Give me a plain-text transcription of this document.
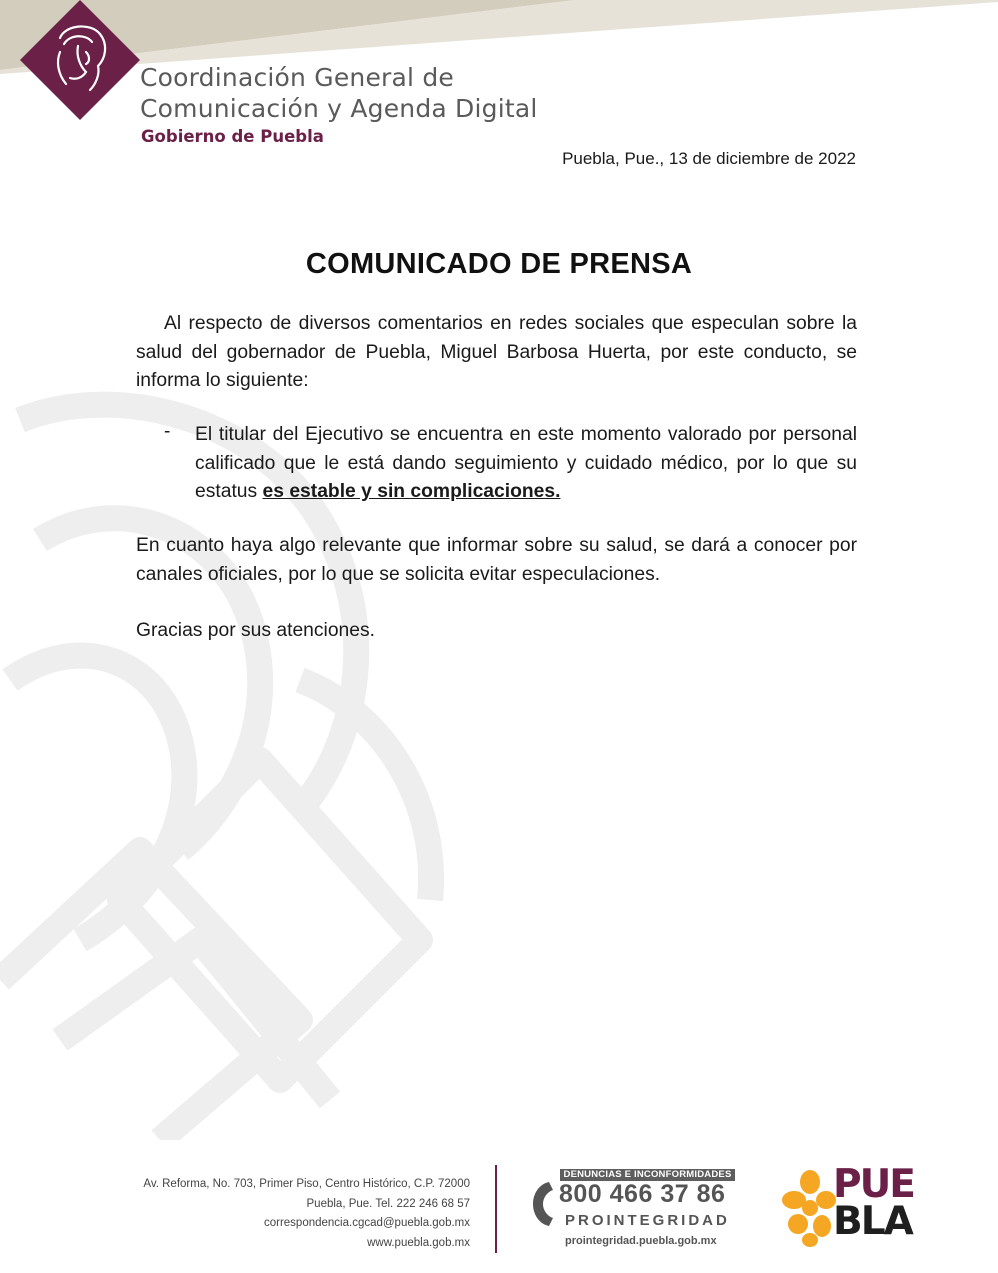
Coordinación General de
Comunicación y Agenda Digital
Gobierno de Puebla
Puebla, Pue., 13 de diciembre de 2022
COMUNICADO DE PRENSA
Al respecto de diversos comentarios en redes sociales que especulan sobre la salud del gobernador de Puebla, Miguel Barbosa Huerta, por este conducto, se informa lo siguiente:
- El titular del Ejecutivo se encuentra en este momento valorado por personal calificado que le está dando seguimiento y cuidado médico, por lo que su estatus es estable y sin complicaciones.
En cuanto haya algo relevante que informar sobre su salud, se dará a conocer por canales oficiales, por lo que se solicita evitar especulaciones.
Gracias por sus atenciones.
Av. Reforma, No. 703, Primer Piso, Centro Histórico, C.P. 72000
Puebla, Pue. Tel. 222 246 68 57
correspondencia.cgcad@puebla.gob.mx
www.puebla.gob.mx
DENUNCIAS E INCONFORMIDADES
800 466 37 86
PROINTEGRIDAD
prointegridad.puebla.gob.mx
PUE
BLA
